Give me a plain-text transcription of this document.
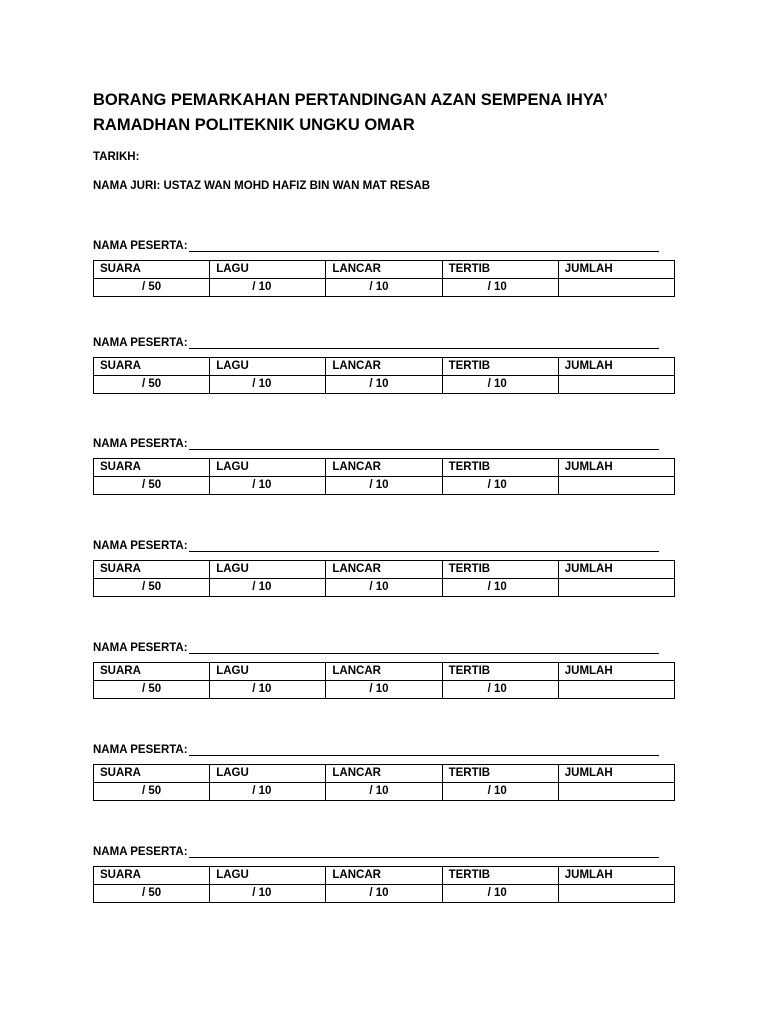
BORANG PEMARKAHAN PERTANDINGAN AZAN SEMPENA IHYA’
RAMADHAN POLITEKNIK UNGKU OMAR
TARIKH:
NAMA JURI: USTAZ WAN MOHD HAFIZ BIN WAN MAT RESAB
NAMA PESERTA:
SUARA	LAGU	LANCAR	TERTIB	JUMLAH
/ 50	/ 10	/ 10	/ 10	
NAMA PESERTA:
SUARA	LAGU	LANCAR	TERTIB	JUMLAH
/ 50	/ 10	/ 10	/ 10	
NAMA PESERTA:
SUARA	LAGU	LANCAR	TERTIB	JUMLAH
/ 50	/ 10	/ 10	/ 10	
NAMA PESERTA:
SUARA	LAGU	LANCAR	TERTIB	JUMLAH
/ 50	/ 10	/ 10	/ 10	
NAMA PESERTA:
SUARA	LAGU	LANCAR	TERTIB	JUMLAH
/ 50	/ 10	/ 10	/ 10	
NAMA PESERTA:
SUARA	LAGU	LANCAR	TERTIB	JUMLAH
/ 50	/ 10	/ 10	/ 10	
NAMA PESERTA:
SUARA	LAGU	LANCAR	TERTIB	JUMLAH
/ 50	/ 10	/ 10	/ 10	
